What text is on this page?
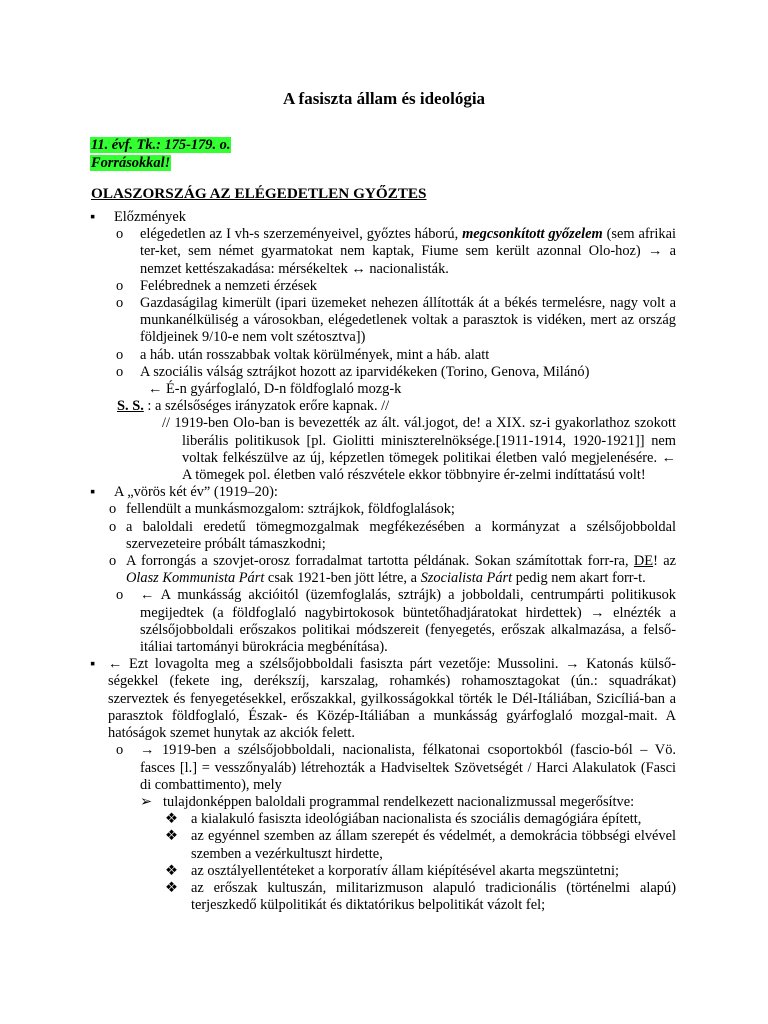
A fasiszta állam és ideológia
11. évf. Tk.: 175-179. o.
Forrásokkal!
OLASZORSZÁG AZ ELÉGEDETLEN GYŐZTES
▪ Előzmények
o elégedetlen az I vh-s szerzeményeivel, győztes háború, megcsonkított győzelem (sem afrikai ter-ket, sem német gyarmatokat nem kaptak, Fiume sem került azonnal Olo-hoz) → a nemzet kettészakadása: mérsékeltek ↔ nacionalisták.
o Felébrednek a nemzeti érzések
o Gazdaságilag kimerült (ipari üzemeket nehezen állították át a békés termelésre, nagy volt a munkanélküliség a városokban, elégedetlenek voltak a parasztok is vidéken, mert az ország földjeinek 9/10-e nem volt szétosztva])
o a háb. után rosszabbak voltak körülmények, mint a háb. alatt
o A szociális válság sztrájkot hozott az iparvidékeken (Torino, Genova, Milánó)
← É-n gyárfoglaló, D-n földfoglaló mozg-k
S. S. : a szélsőséges irányzatok erőre kapnak. //
// 1919-ben Olo-ban is bevezették az ált. vál.jogot, de! a XIX. sz-i gyakorlathoz szokott liberális politikusok [pl. Giolitti miniszterelnöksége.[1911-1914, 1920-1921]] nem voltak felkészülve az új, képzetlen tömegek politikai életben való megjelenésére. ← A tömegek pol. életben való részvétele ekkor többnyire ér-zelmi indíttatású volt!
▪ A „vörös két év” (1919–20):
o fellendült a munkásmozgalom: sztrájkok, földfoglalások;
o a baloldali eredetű tömegmozgalmak megfékezésében a kormányzat a szélsőjobboldal szervezeteire próbált támaszkodni;
o A forrongás a szovjet-orosz forradalmat tartotta példának. Sokan számítottak forr-ra, DE! az Olasz Kommunista Párt csak 1921-ben jött létre, a Szocialista Párt pedig nem akart forr-t.
o ← A munkásság akcióitól (üzemfoglalás, sztrájk) a jobboldali, centrumpárti politikusok megijedtek (a földfoglaló nagybirtokosok büntetőhadjáratokat hirdettek) → elnézték a szélsőjobboldali erőszakos politikai módszereit (fenyegetés, erőszak alkalmazása, a felső-itáliai tartományi bürokrácia megbénítása).
▪ ← Ezt lovagolta meg a szélsőjobboldali fasiszta párt vezetője: Mussolini. → Katonás külső-ségekkel (fekete ing, derékszíj, karszalag, rohamkés) rohamosztagokat (ún.: squadrákat) szerveztek és fenyegetésekkel, erőszakkal, gyilkosságokkal törték le Dél-Itáliában, Szicíliá-ban a parasztok földfoglaló, Észak- és Közép-Itáliában a munkásság gyárfoglaló mozgal-mait. A hatóságok szemet hunytak az akciók felett.
o → 1919-ben a szélsőjobboldali, nacionalista, félkatonai csoportokból (fascio-ból – Vö. fasces [l.] = vesszőnyaláb) létrehozták a Hadviseltek Szövetségét / Harci Alakulatok (Fasci di combattimento), mely
➢ tulajdonképpen baloldali programmal rendelkezett nacionalizmussal megerősítve:
❖ a kialakuló fasiszta ideológiában nacionalista és szociális demagógiára épített,
❖ az egyénnel szemben az állam szerepét és védelmét, a demokrácia többségi elvével szemben a vezérkultuszt hirdette,
❖ az osztályellentéteket a korporatív állam kiépítésével akarta megszüntetni;
❖ az erőszak kultuszán, militarizmuson alapuló tradicionális (történelmi alapú) terjeszkedő külpolitikát és diktatórikus belpolitikát vázolt fel;
